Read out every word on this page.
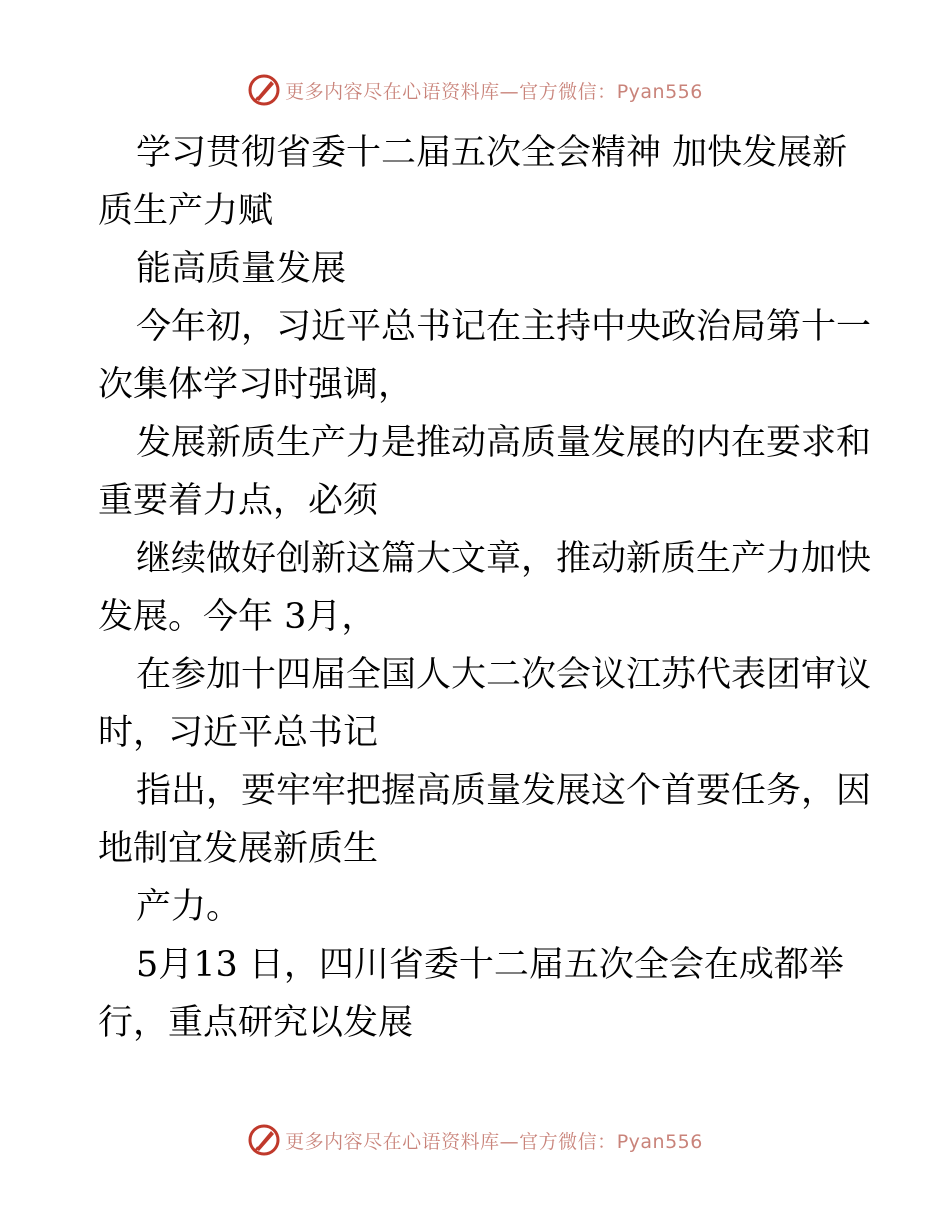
更多内容尽在心语资料库—官方微信：Pyan556

学习贯彻省委十二届五次全会精神 加快发展新

质生产力赋

能高质量发展

今年初，习近平总书记在主持中央政治局第十一

次集体学习时强调，

发展新质生产力是推动高质量发展的内在要求和

重要着力点，必须

继续做好创新这篇大文章，推动新质生产力加快

发展。今年 3月，

在参加十四届全国人大二次会议江苏代表团审议

时，习近平总书记

指出，要牢牢把握高质量发展这个首要任务，因

地制宜发展新质生

产力。

5月13 日，四川省委十二届五次全会在成都举

行，重点研究以发展

更多内容尽在心语资料库—官方微信：Pyan556
